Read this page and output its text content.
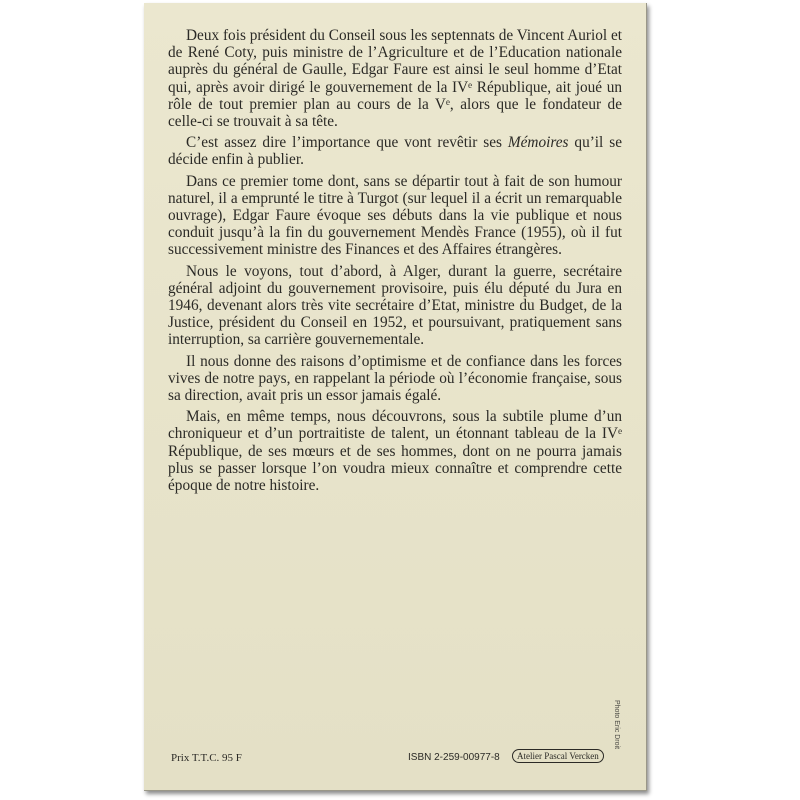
Deux fois président du Conseil sous les septennats de Vincent Auriol et de René Coty, puis ministre de l’Agriculture et de l’Education nationale auprès du général de Gaulle, Edgar Faure est ainsi le seul homme d’Etat qui, après avoir dirigé le gouvernement de la IVᵉ République, ait joué un rôle de tout premier plan au cours de la Vᵉ, alors que le fondateur de celle-ci se trouvait à sa tête.

C’est assez dire l’importance que vont revêtir ses Mémoires qu’il se décide enfin à publier.

Dans ce premier tome dont, sans se départir tout à fait de son humour naturel, il a emprunté le titre à Turgot (sur lequel il a écrit un remarquable ouvrage), Edgar Faure évoque ses débuts dans la vie publique et nous conduit jusqu’à la fin du gouvernement Mendès France (1955), où il fut successivement ministre des Finances et des Affaires étrangères.

Nous le voyons, tout d’abord, à Alger, durant la guerre, secrétaire général adjoint du gouvernement provisoire, puis élu député du Jura en 1946, devenant alors très vite secrétaire d’Etat, ministre du Budget, de la Justice, président du Conseil en 1952, et poursuivant, pratiquement sans interruption, sa carrière gouvernementale.

Il nous donne des raisons d’optimisme et de confiance dans les forces vives de notre pays, en rappelant la période où l’économie française, sous sa direction, avait pris un essor jamais égalé.

Mais, en même temps, nous découvrons, sous la subtile plume d’un chroniqueur et d’un portraitiste de talent, un étonnant tableau de la IVᵉ République, de ses mœurs et de ses hommes, dont on ne pourra jamais plus se passer lorsque l’on voudra mieux connaître et comprendre cette époque de notre histoire.

Prix T.T.C. 95 F	ISBN 2-259-00977-8	Atelier Pascal Vercken
Photo Eric Droit
